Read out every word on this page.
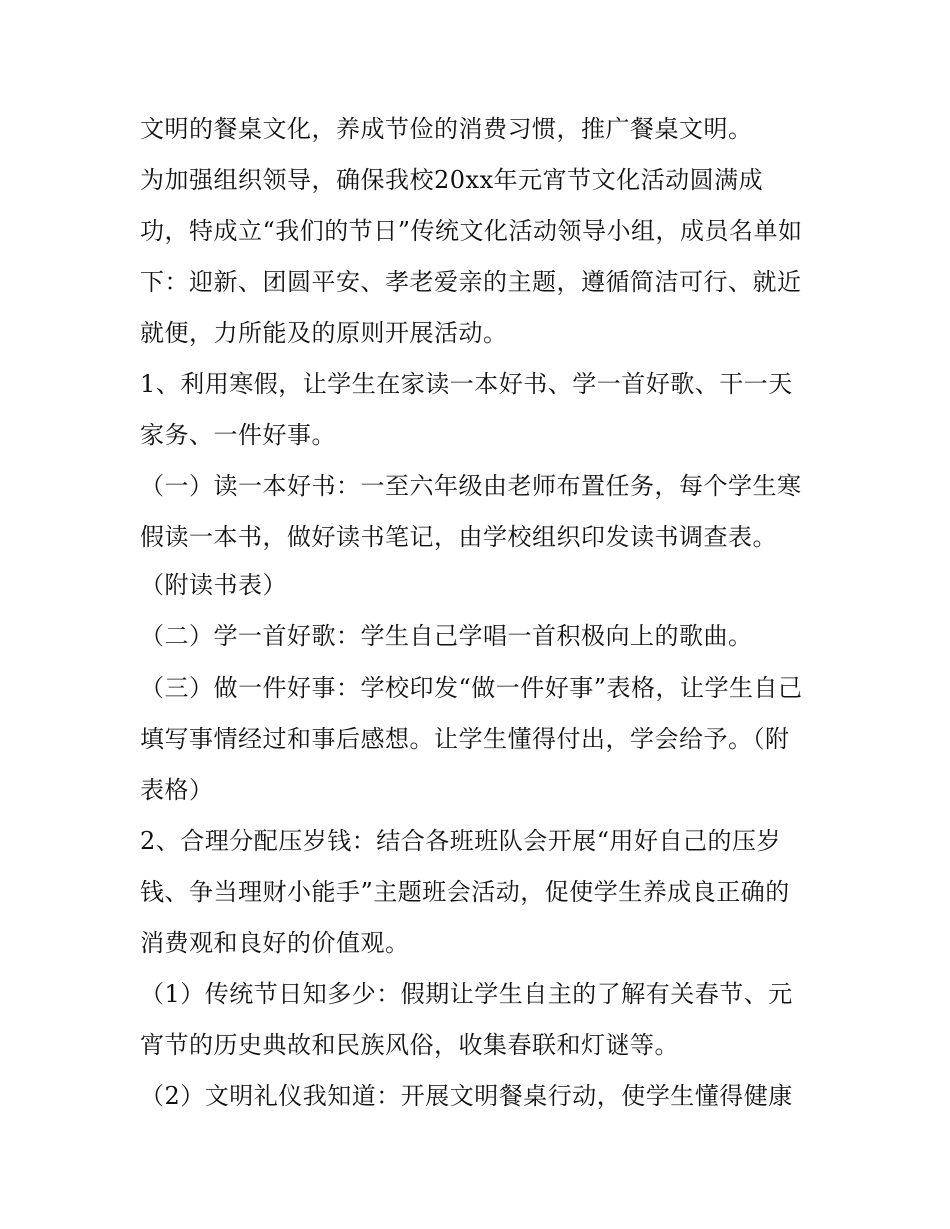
文明的餐桌文化，养成节俭的消费习惯，推广餐桌文明。
为加强组织领导，确保我校20xx年元宵节文化活动圆满成
功，特成立“我们的节日”传统文化活动领导小组，成员名单如
下：迎新、团圆平安、孝老爱亲的主题，遵循简洁可行、就近
就便，力所能及的原则开展活动。
1、利用寒假，让学生在家读一本好书、学一首好歌、干一天
家务、一件好事。
（一）读一本好书：一至六年级由老师布置任务，每个学生寒
假读一本书，做好读书笔记，由学校组织印发读书调查表。
（附读书表）
（二）学一首好歌：学生自己学唱一首积极向上的歌曲。
（三）做一件好事：学校印发“做一件好事”表格，让学生自己
填写事情经过和事后感想。让学生懂得付出，学会给予。（附
表格）
2、合理分配压岁钱：结合各班班队会开展“用好自己的压岁
钱、争当理财小能手”主题班会活动，促使学生养成良正确的
消费观和良好的价值观。
（1）传统节日知多少：假期让学生自主的了解有关春节、元
宵节的历史典故和民族风俗，收集春联和灯谜等。
（2）文明礼仪我知道：开展文明餐桌行动，使学生懂得健康
